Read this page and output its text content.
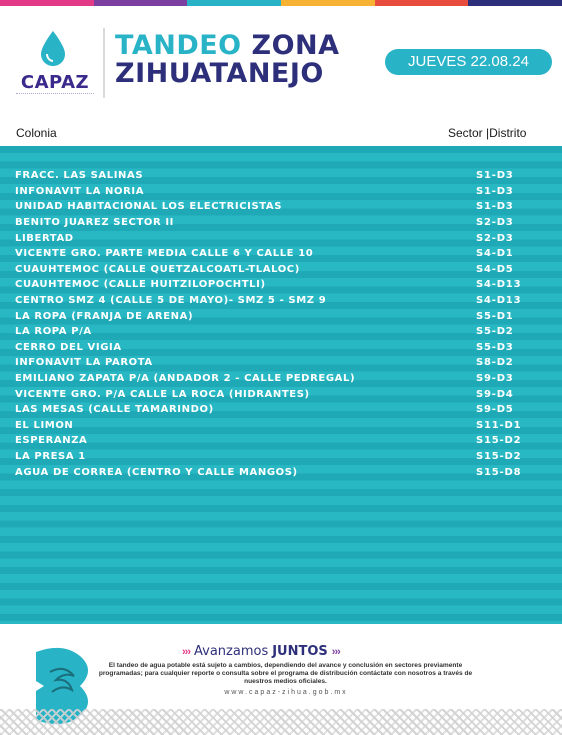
CAPAZ
TANDEO ZONA
ZIHUATANEJO	JUEVES 22.08.24
Colonia	Sector |Distrito
FRACC. LAS SALINAS	S1-D3
INFONAVIT LA NORIA	S1-D3
UNIDAD HABITACIONAL LOS ELECTRICISTAS	S1-D3
BENITO JUAREZ SECTOR II	S2-D3
LIBERTAD	S2-D3
VICENTE GRO. PARTE MEDIA CALLE 6 Y CALLE 10	S4-D1
CUAUHTEMOC (CALLE QUETZALCOATL-TLALOC)	S4-D5
CUAUHTEMOC (CALLE HUITZILOPOCHTLI)	S4-D13
CENTRO SMZ 4 (CALLE 5 DE MAYO)- SMZ 5 - SMZ 9	S4-D13
LA ROPA (FRANJA DE ARENA)	S5-D1
LA ROPA P/A	S5-D2
CERRO DEL VIGIA	S5-D3
INFONAVIT LA PAROTA	S8-D2
EMILIANO ZAPATA P/A (ANDADOR 2 - CALLE PEDREGAL)	S9-D3
VICENTE GRO. P/A CALLE LA ROCA (HIDRANTES)	S9-D4
LAS MESAS (CALLE TAMARINDO)	S9-D5
EL LIMON	S11-D1
ESPERANZA	S15-D2
LA PRESA 1	S15-D2
AGUA DE CORREA (CENTRO Y CALLE MANGOS)	S15-D8
››› Avanzamos JUNTOS ›››
El tandeo de agua potable está sujeto a cambios, dependiendo del avance y conclusión en sectores previamente programadas; para cualquier reporte o consulta sobre el programa de distribución contáctate con nosotros a través de nuestros medios oficiales.
www.capaz-zihua.gob.mx
